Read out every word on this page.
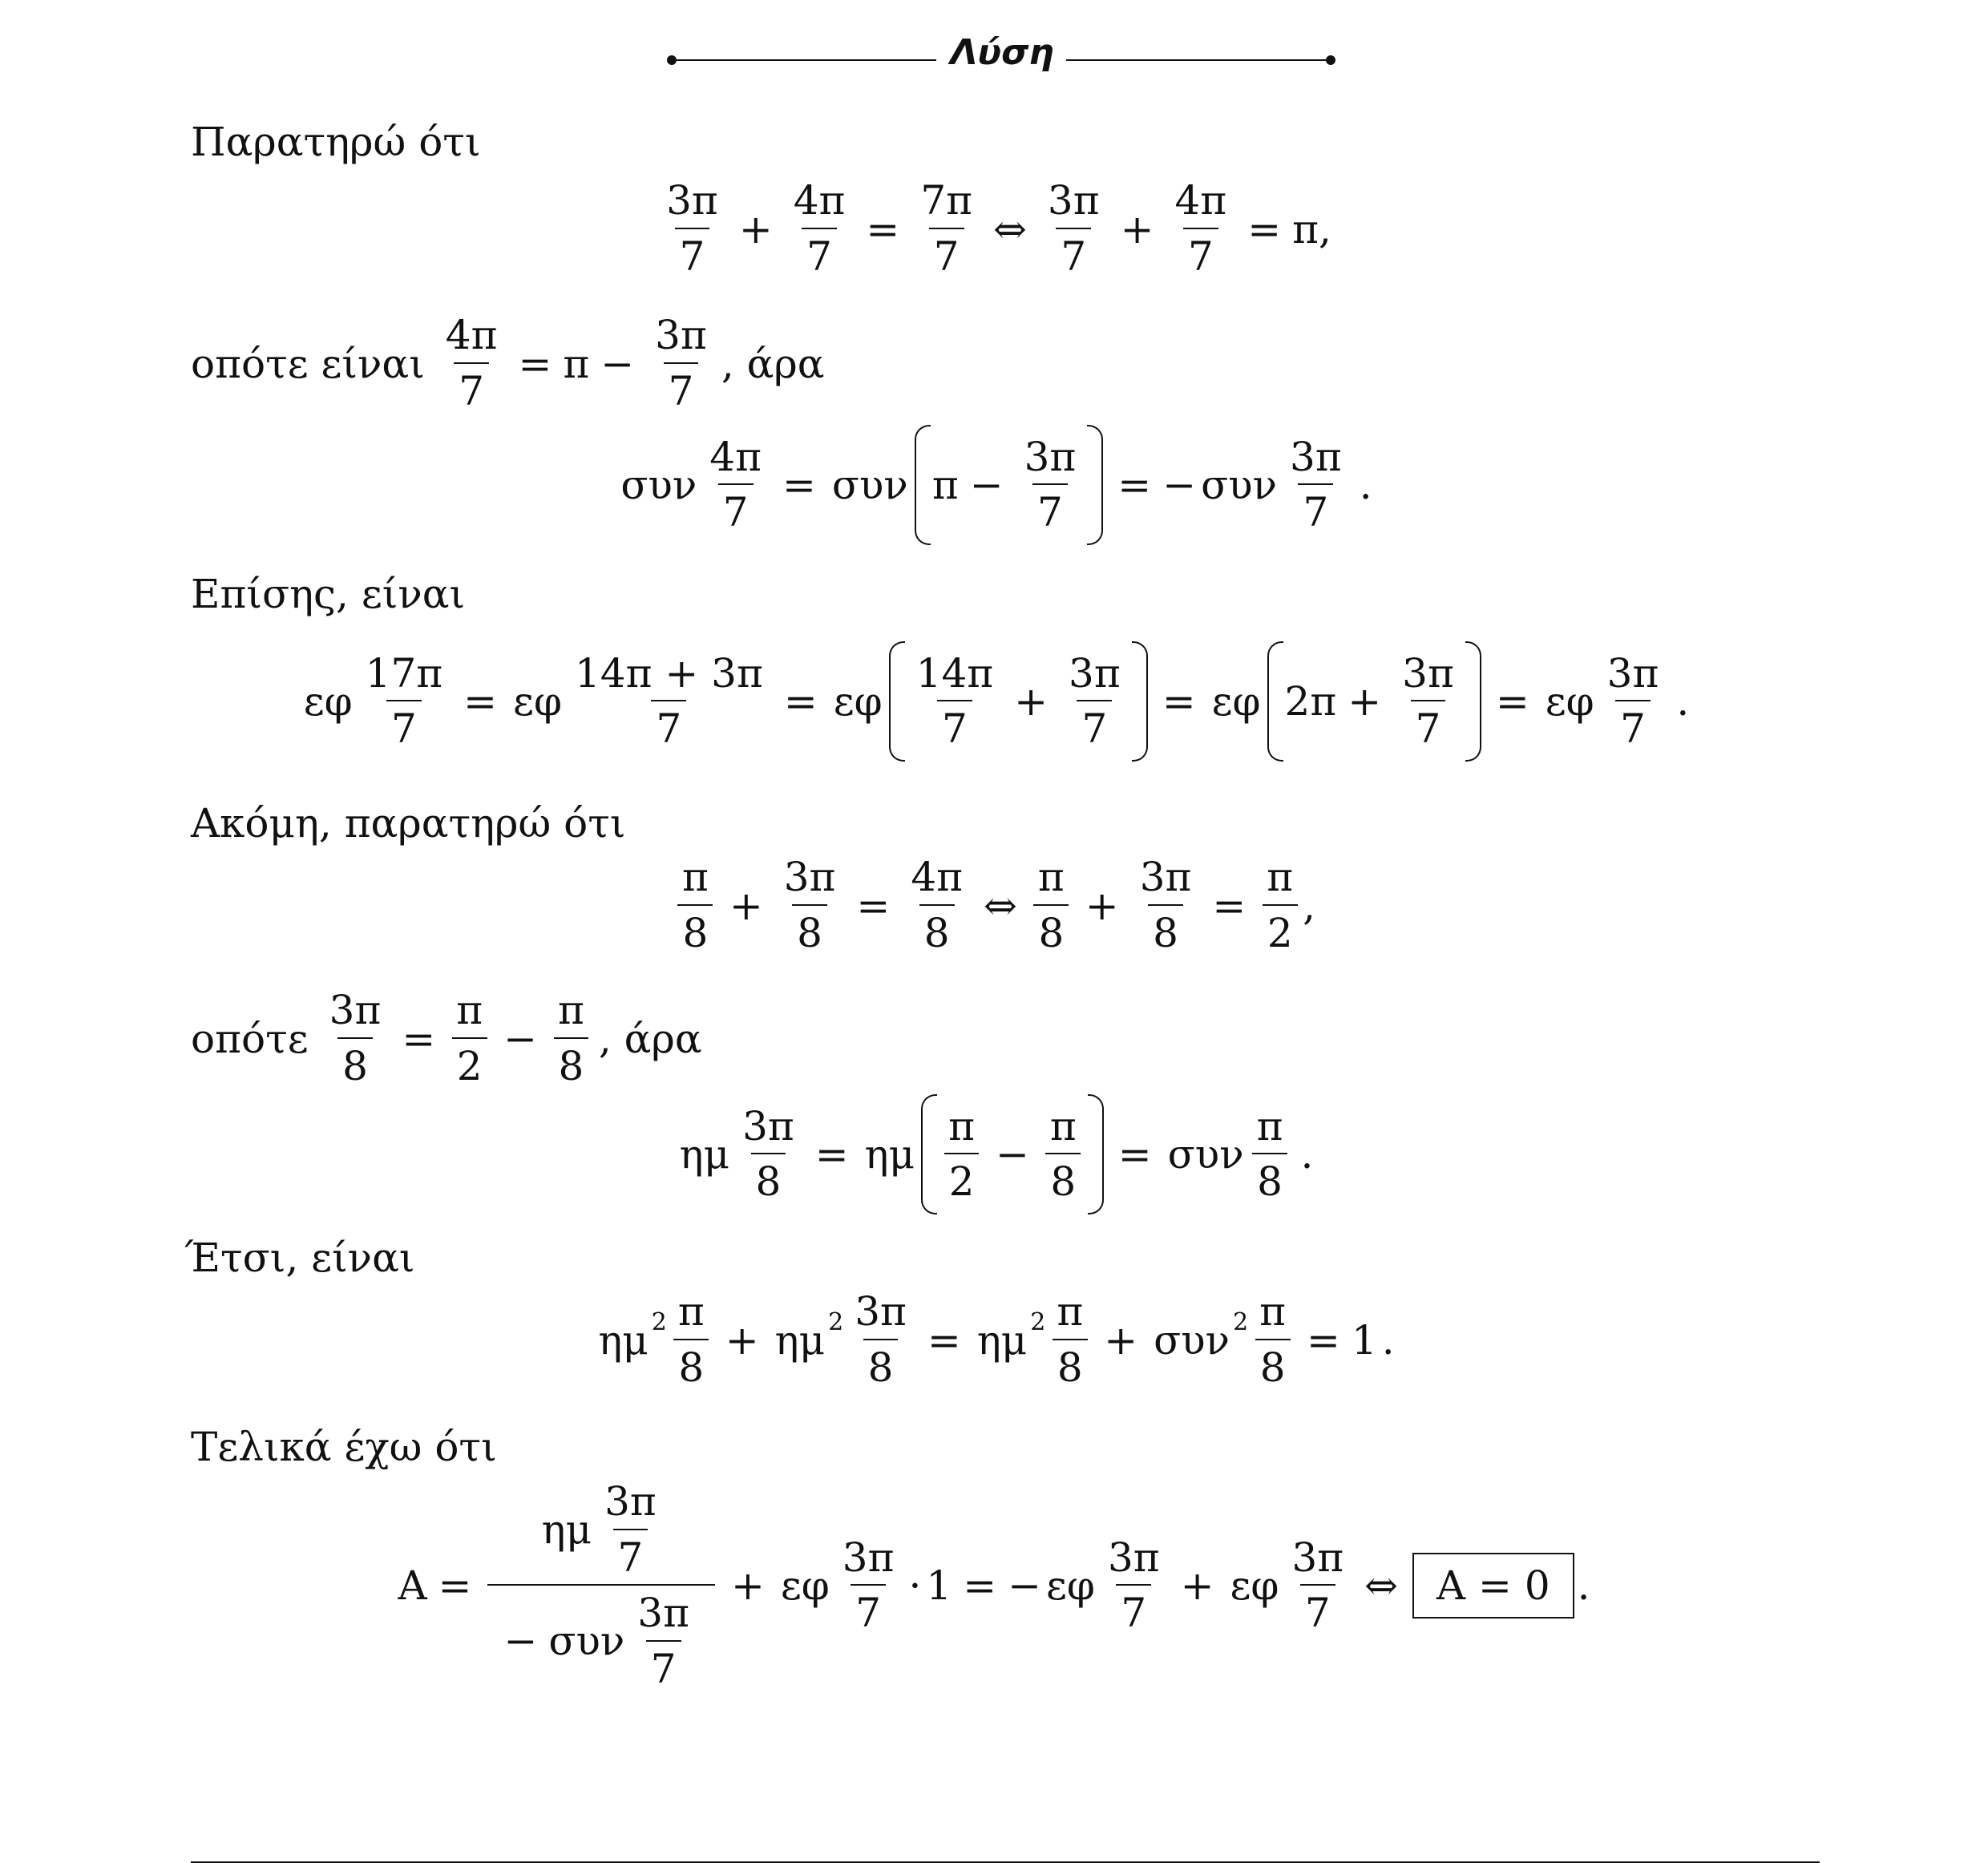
Λύση
Παρατηρώ ότι
$\frac{3\pi}{7} + \frac{4\pi}{7} = \frac{7\pi}{7}$ ⇔ $\frac{3\pi}{7} + \frac{4\pi}{7} = \pi$ ,
οπότε είναι $\frac{4\pi}{7} = \pi - \frac{3\pi}{7}$ , άρα
συν $\frac{4\pi}{7} = \sigma\upsilon\nu$ $\pi - \frac{3\pi}{7}$ = − συν $\frac{3\pi}{7}$ .
Επίσης, είναι
εφ $\frac{17\pi}{7} = \varepsilon\varphi \frac{14\pi + 3\pi}{7} = \varepsilon\varphi \frac{14\pi}{7} + \frac{3\pi}{7} = \varepsilon\varphi$ $2\pi + \frac{3\pi}{7} = \varepsilon\varphi \frac{3\pi}{7}$ .
Ακόμη, παρατηρώ ότι
$\frac{\pi}{8} + \frac{3\pi}{8} = \frac{4\pi}{8}$ ⇔ $\frac{\pi}{8} + \frac{3\pi}{8} = \frac{\pi}{2}$ ,
οπότε $\frac{3\pi}{8} = \frac{\pi}{2} - \frac{\pi}{8}$ , άρα
ημ $\frac{3\pi}{8} = \eta\mu \frac{\pi}{2} - \frac{\pi}{8} = \sigma\upsilon\nu \frac{\pi}{8}$ .
Έτσι, είναι
ημ $2 \frac{\pi}{8} + \eta\mu$ $2 \frac{3\pi}{8} = \eta\mu$ $2 \frac{\pi}{8} + \sigma\upsilon\nu$ $2 \frac{\pi}{8} = 1$ .
Τελικά έχω ότι
$A = \frac{\eta\mu \frac{3\pi}{7}}{- \sigma\upsilon\nu \frac{3\pi}{7}} + \varepsilon\varphi \frac{3\pi}{7} \cdot 1$ = − εφ $\frac{3\pi}{7} + \varepsilon\varphi \frac{3\pi}{7}$ ⇔ A = 0 .
